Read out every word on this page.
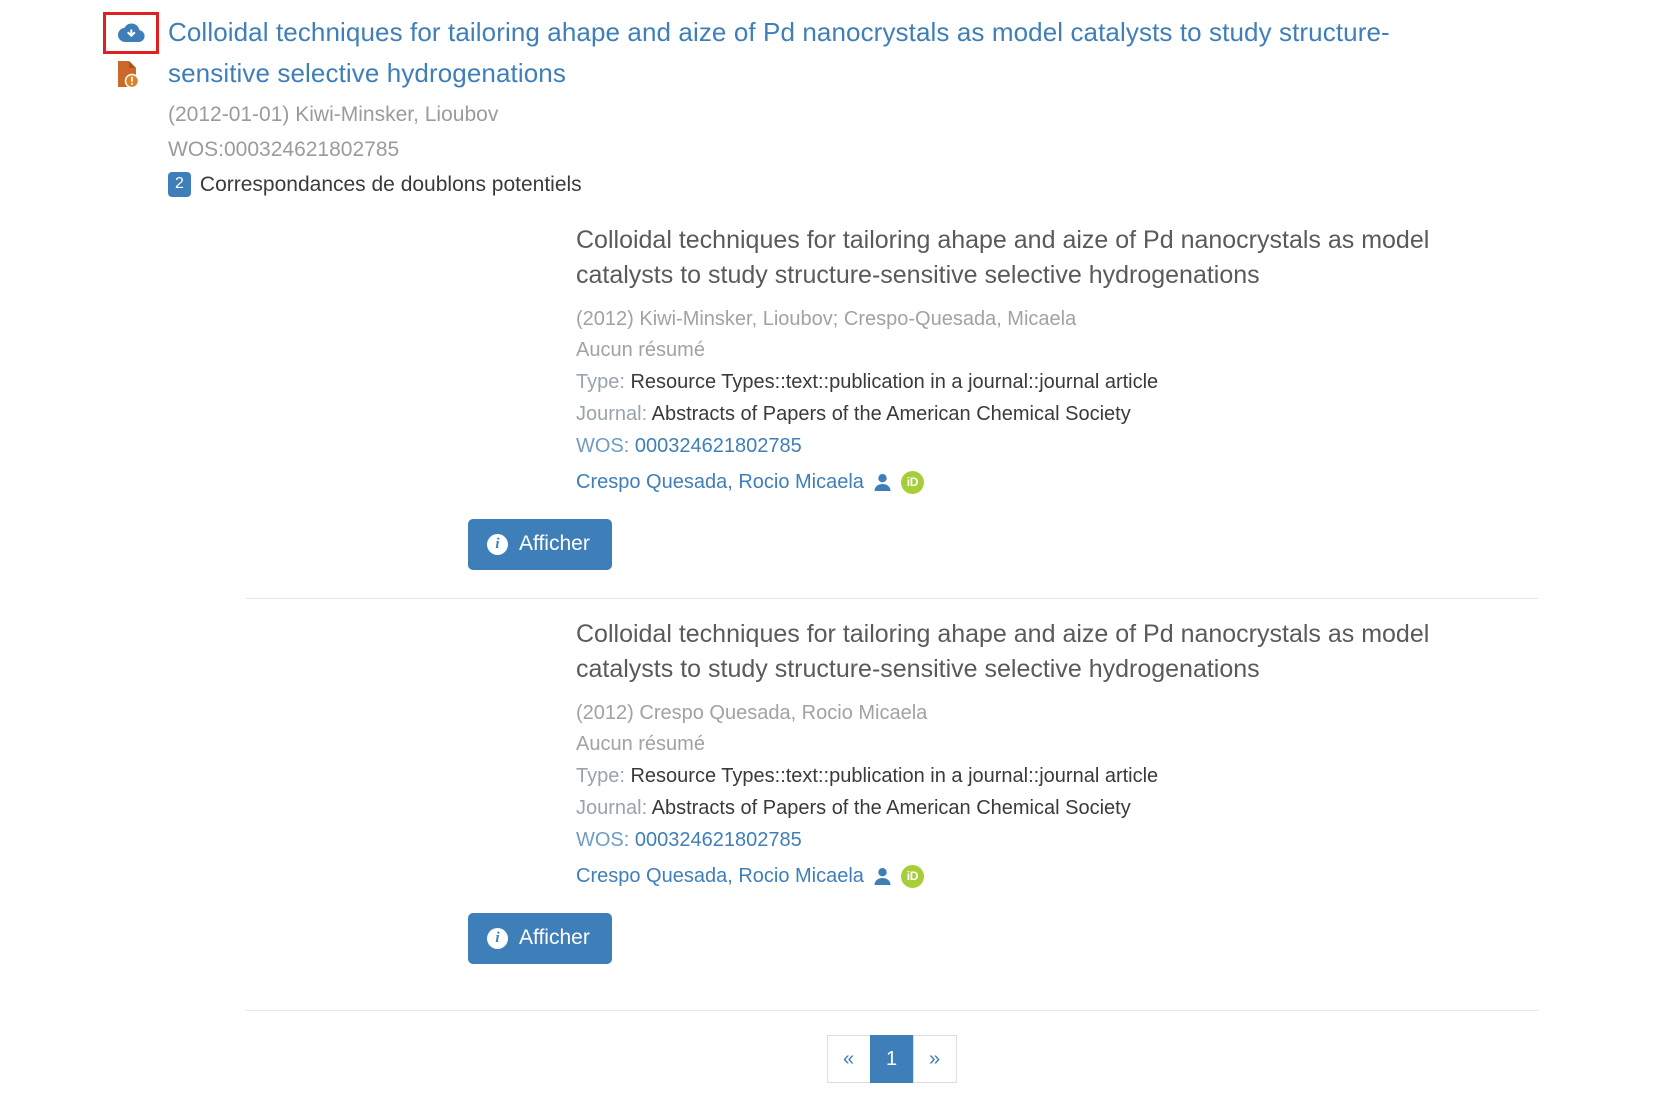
Colloidal techniques for tailoring ahape and aize of Pd nanocrystals as model catalysts to study structure-sensitive selective hydrogenations
(2012-01-01) Kiwi-Minsker, Lioubov
WOS:000324621802785
2 Correspondances de doublons potentiels
Colloidal techniques for tailoring ahape and aize of Pd nanocrystals as model catalysts to study structure-sensitive selective hydrogenations
(2012) Kiwi-Minsker, Lioubov; Crespo-Quesada, Micaela
Aucun résumé
Type: Resource Types::text::publication in a journal::journal article
Journal: Abstracts of Papers of the American Chemical Society
WOS: 000324621802785
Crespo Quesada, Rocio Micaela	iD
i Afficher
Colloidal techniques for tailoring ahape and aize of Pd nanocrystals as model catalysts to study structure-sensitive selective hydrogenations
(2012) Crespo Quesada, Rocio Micaela
Aucun résumé
Type: Resource Types::text::publication in a journal::journal article
Journal: Abstracts of Papers of the American Chemical Society
WOS: 000324621802785
Crespo Quesada, Rocio Micaela	iD
i Afficher
«	1	»
